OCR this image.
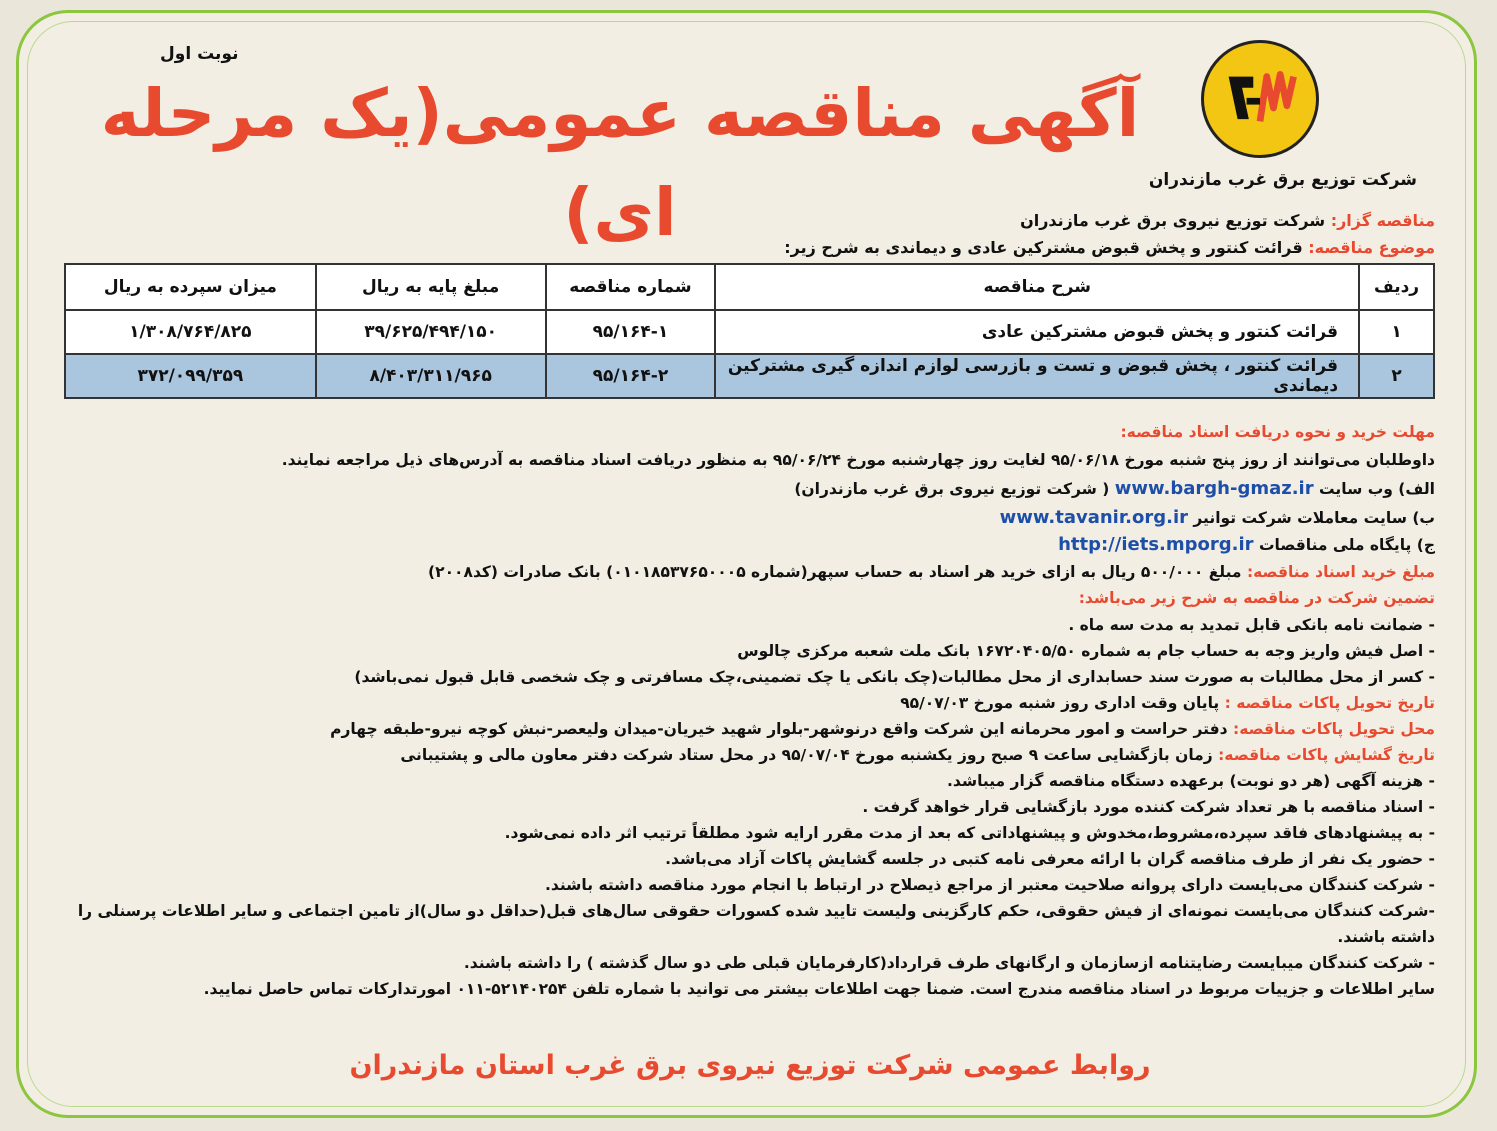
شرکت توزیع برق غرب مازندران
نوبت اول
آگهی مناقصه عمومی(یک مرحله ای)	مناقصه گزار: شرکت توزیع نیروی برق غرب مازندران
موضوع مناقصه: قرائت کنتور و پخش قبوض مشترکین عادی و دیماندی به شرح زیر:
ردیف	شرح مناقصه	شماره مناقصه	مبلغ پایه به ریال	میزان سپرده به ریال
۱	قرائت کنتور و پخش قبوض مشترکین عادی	۹۵/۱۶۴-۱	۳۹/۶۲۵/۴۹۴/۱۵۰	۱/۳۰۸/۷۶۴/۸۲۵
۲	قرائت کنتور ، پخش قبوض و تست و بازرسی لوازم اندازه گیری مشترکین دیماندی	۹۵/۱۶۴-۲	۸/۴۰۳/۳۱۱/۹۶۵	۳۷۲/۰۹۹/۳۵۹
مهلت خرید و نحوه دریافت اسناد مناقصه:
داوطلبان می‌توانند از روز پنج شنبه مورخ ۹۵/۰۶/۱۸ لغایت روز چهارشنبه مورخ ۹۵/۰۶/۲۴ به منظور دریافت اسناد مناقصه به آدرس‌های ذیل مراجعه نمایند.
الف) وب سایت www.bargh-gmaz.ir ( شرکت توزیع نیروی برق غرب مازندران)
ب) سایت معاملات شرکت توانیر www.tavanir.org.ir
ج) پایگاه ملی مناقصات http://iets.mporg.ir
مبلغ خرید اسناد مناقصه: مبلغ ۵۰۰/۰۰۰ ریال به ازای خرید هر اسناد به حساب سپهر(شماره ۰۱۰۱۸۵۳۷۶۵۰۰۰۵) بانک صادرات (کد۲۰۰۸)
تضمین شرکت در مناقصه به شرح زیر می‌باشد:
- ضمانت نامه بانکی قابل تمدید به مدت سه ماه .
- اصل فیش واریز وجه به حساب جام به شماره ۱۶۷۲۰۴۰۵/۵۰ بانک ملت شعبه مرکزی چالوس
- کسر از محل مطالبات به صورت سند حسابداری از محل مطالبات(چک بانکی یا چک تضمینی،چک مسافرتی و چک شخصی قابل قبول نمی‌باشد)
تاریخ تحویل پاکات مناقصه : پایان وقت اداری روز شنبه مورخ ۹۵/۰۷/۰۳
محل تحویل پاکات مناقصه: دفتر حراست و امور محرمانه این شرکت واقع درنوشهر-بلوار شهید خیریان-میدان ولیعصر-نبش کوچه نیرو-طبقه چهارم
تاریخ گشایش پاکات مناقصه: زمان بازگشایی ساعت ۹ صبح روز یکشنبه مورخ ۹۵/۰۷/۰۴ در محل ستاد شرکت دفتر معاون مالی و پشتیبانی
- هزینه آگهی (هر دو نوبت) برعهده دستگاه مناقصه گزار میباشد.
- اسناد مناقصه با هر تعداد شرکت کننده مورد بازگشایی قرار خواهد گرفت .
- به پیشنهادهای فاقد سپرده،مشروط،مخدوش و پیشنهاداتی که بعد از مدت مقرر ارایه شود مطلقاً ترتیب اثر داده نمی‌شود.
- حضور یک نفر از طرف مناقصه گران با ارائه معرفی نامه کتبی در جلسه گشایش پاکات آزاد می‌باشد.
- شرکت کنندگان می‌بایست دارای پروانه صلاحیت معتبر از مراجع ذیصلاح در ارتباط با انجام مورد مناقصه داشته باشند.
-شرکت کنندگان می‌بایست نمونه‌ای از فیش حقوقی، حکم کارگزینی ولیست تایید شده کسورات حقوقی سال‌های قبل(حداقل دو سال)از تامین اجتماعی و سایر اطلاعات پرسنلی را
داشته باشند.
- شرکت کنندگان میبایست رضایتنامه ازسازمان و ارگانهای طرف قرارداد(کارفرمایان قبلی طی دو سال گذشته ) را داشته باشند.
سایر اطلاعات و جزییات مربوط در اسناد مناقصه مندرج است. ضمنا جهت اطلاعات بیشتر می توانید با شماره تلفن ۵۲۱۴۰۲۵۴-۰۱۱ امورتدارکات تماس حاصل نمایید.
روابط عمومی شرکت توزیع نیروی برق غرب استان مازندران
